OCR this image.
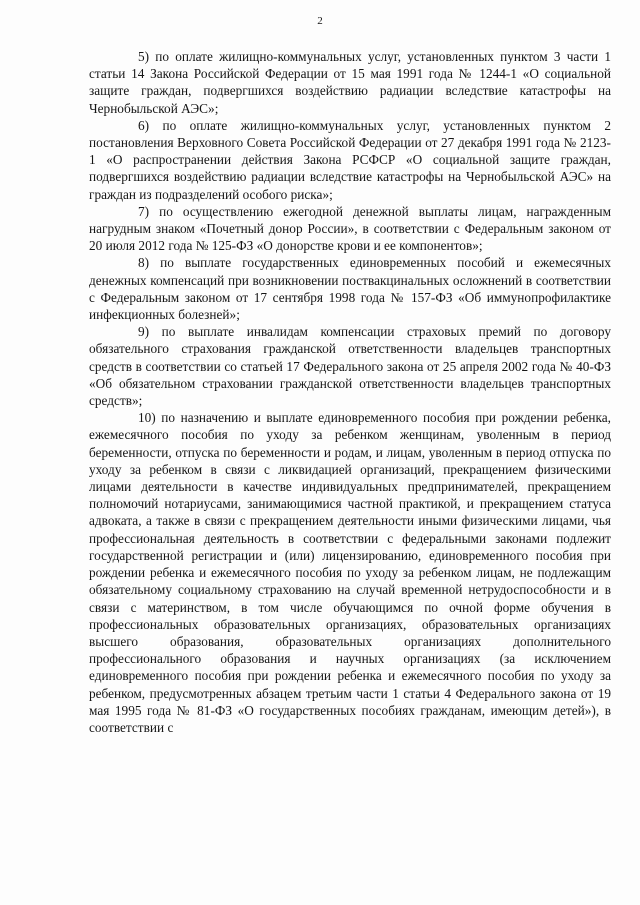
2

5) по оплате жилищно-коммунальных услуг, установленных пунктом 3 части 1 статьи 14 Закона Российской Федерации от 15 мая 1991 года № 1244-1 «О социальной защите граждан, подвергшихся воздействию радиации вследствие катастрофы на Чернобыльской АЭС»;

6) по оплате жилищно-коммунальных услуг, установленных пунктом 2 постановления Верховного Совета Российской Федерации от 27 декабря 1991 года № 2123-1 «О распространении действия Закона РСФСР «О социальной защите граждан, подвергшихся воздействию радиации вследствие катастрофы на Чернобыльской АЭС» на граждан из подразделений особого риска»;

7) по осуществлению ежегодной денежной выплаты лицам, награжденным нагрудным знаком «Почетный донор России», в соответствии с Федеральным законом от 20 июля 2012 года № 125-ФЗ «О донорстве крови и ее компонентов»;

8) по выплате государственных единовременных пособий и ежемесячных денежных компенсаций при возникновении поствакцинальных осложнений в соответствии с Федеральным законом от 17 сентября 1998 года № 157-ФЗ «Об иммунопрофилактике инфекционных болезней»;

9) по выплате инвалидам компенсации страховых премий по договору обязательного страхования гражданской ответственности владельцев транспортных средств в соответствии со статьей 17 Федерального закона от 25 апреля 2002 года № 40-ФЗ «Об обязательном страховании гражданской ответственности владельцев транспортных средств»;

10) по назначению и выплате единовременного пособия при рождении ребенка, ежемесячного пособия по уходу за ребенком женщинам, уволенным в период беременности, отпуска по беременности и родам, и лицам, уволенным в период отпуска по уходу за ребенком в связи с ликвидацией организаций, прекращением физическими лицами деятельности в качестве индивидуальных предпринимателей, прекращением полномочий нотариусами, занимающимися частной практикой, и прекращением статуса адвоката, а также в связи с прекращением деятельности иными физическими лицами, чья профессиональная деятельность в соответствии с федеральными законами подлежит государственной регистрации и (или) лицензированию, единовременного пособия при рождении ребенка и ежемесячного пособия по уходу за ребенком лицам, не подлежащим обязательному социальному страхованию на случай временной нетрудоспособности и в связи с материнством, в том числе обучающимся по очной форме обучения в профессиональных образовательных организациях, образовательных организациях высшего образования, образовательных организациях дополнительного профессионального образования и научных организациях (за исключением единовременного пособия при рождении ребенка и ежемесячного пособия по уходу за ребенком, предусмотренных абзацем третьим части 1 статьи 4 Федерального закона от 19 мая 1995 года № 81-ФЗ «О государственных пособиях гражданам, имеющим детей»), в соответствии с
